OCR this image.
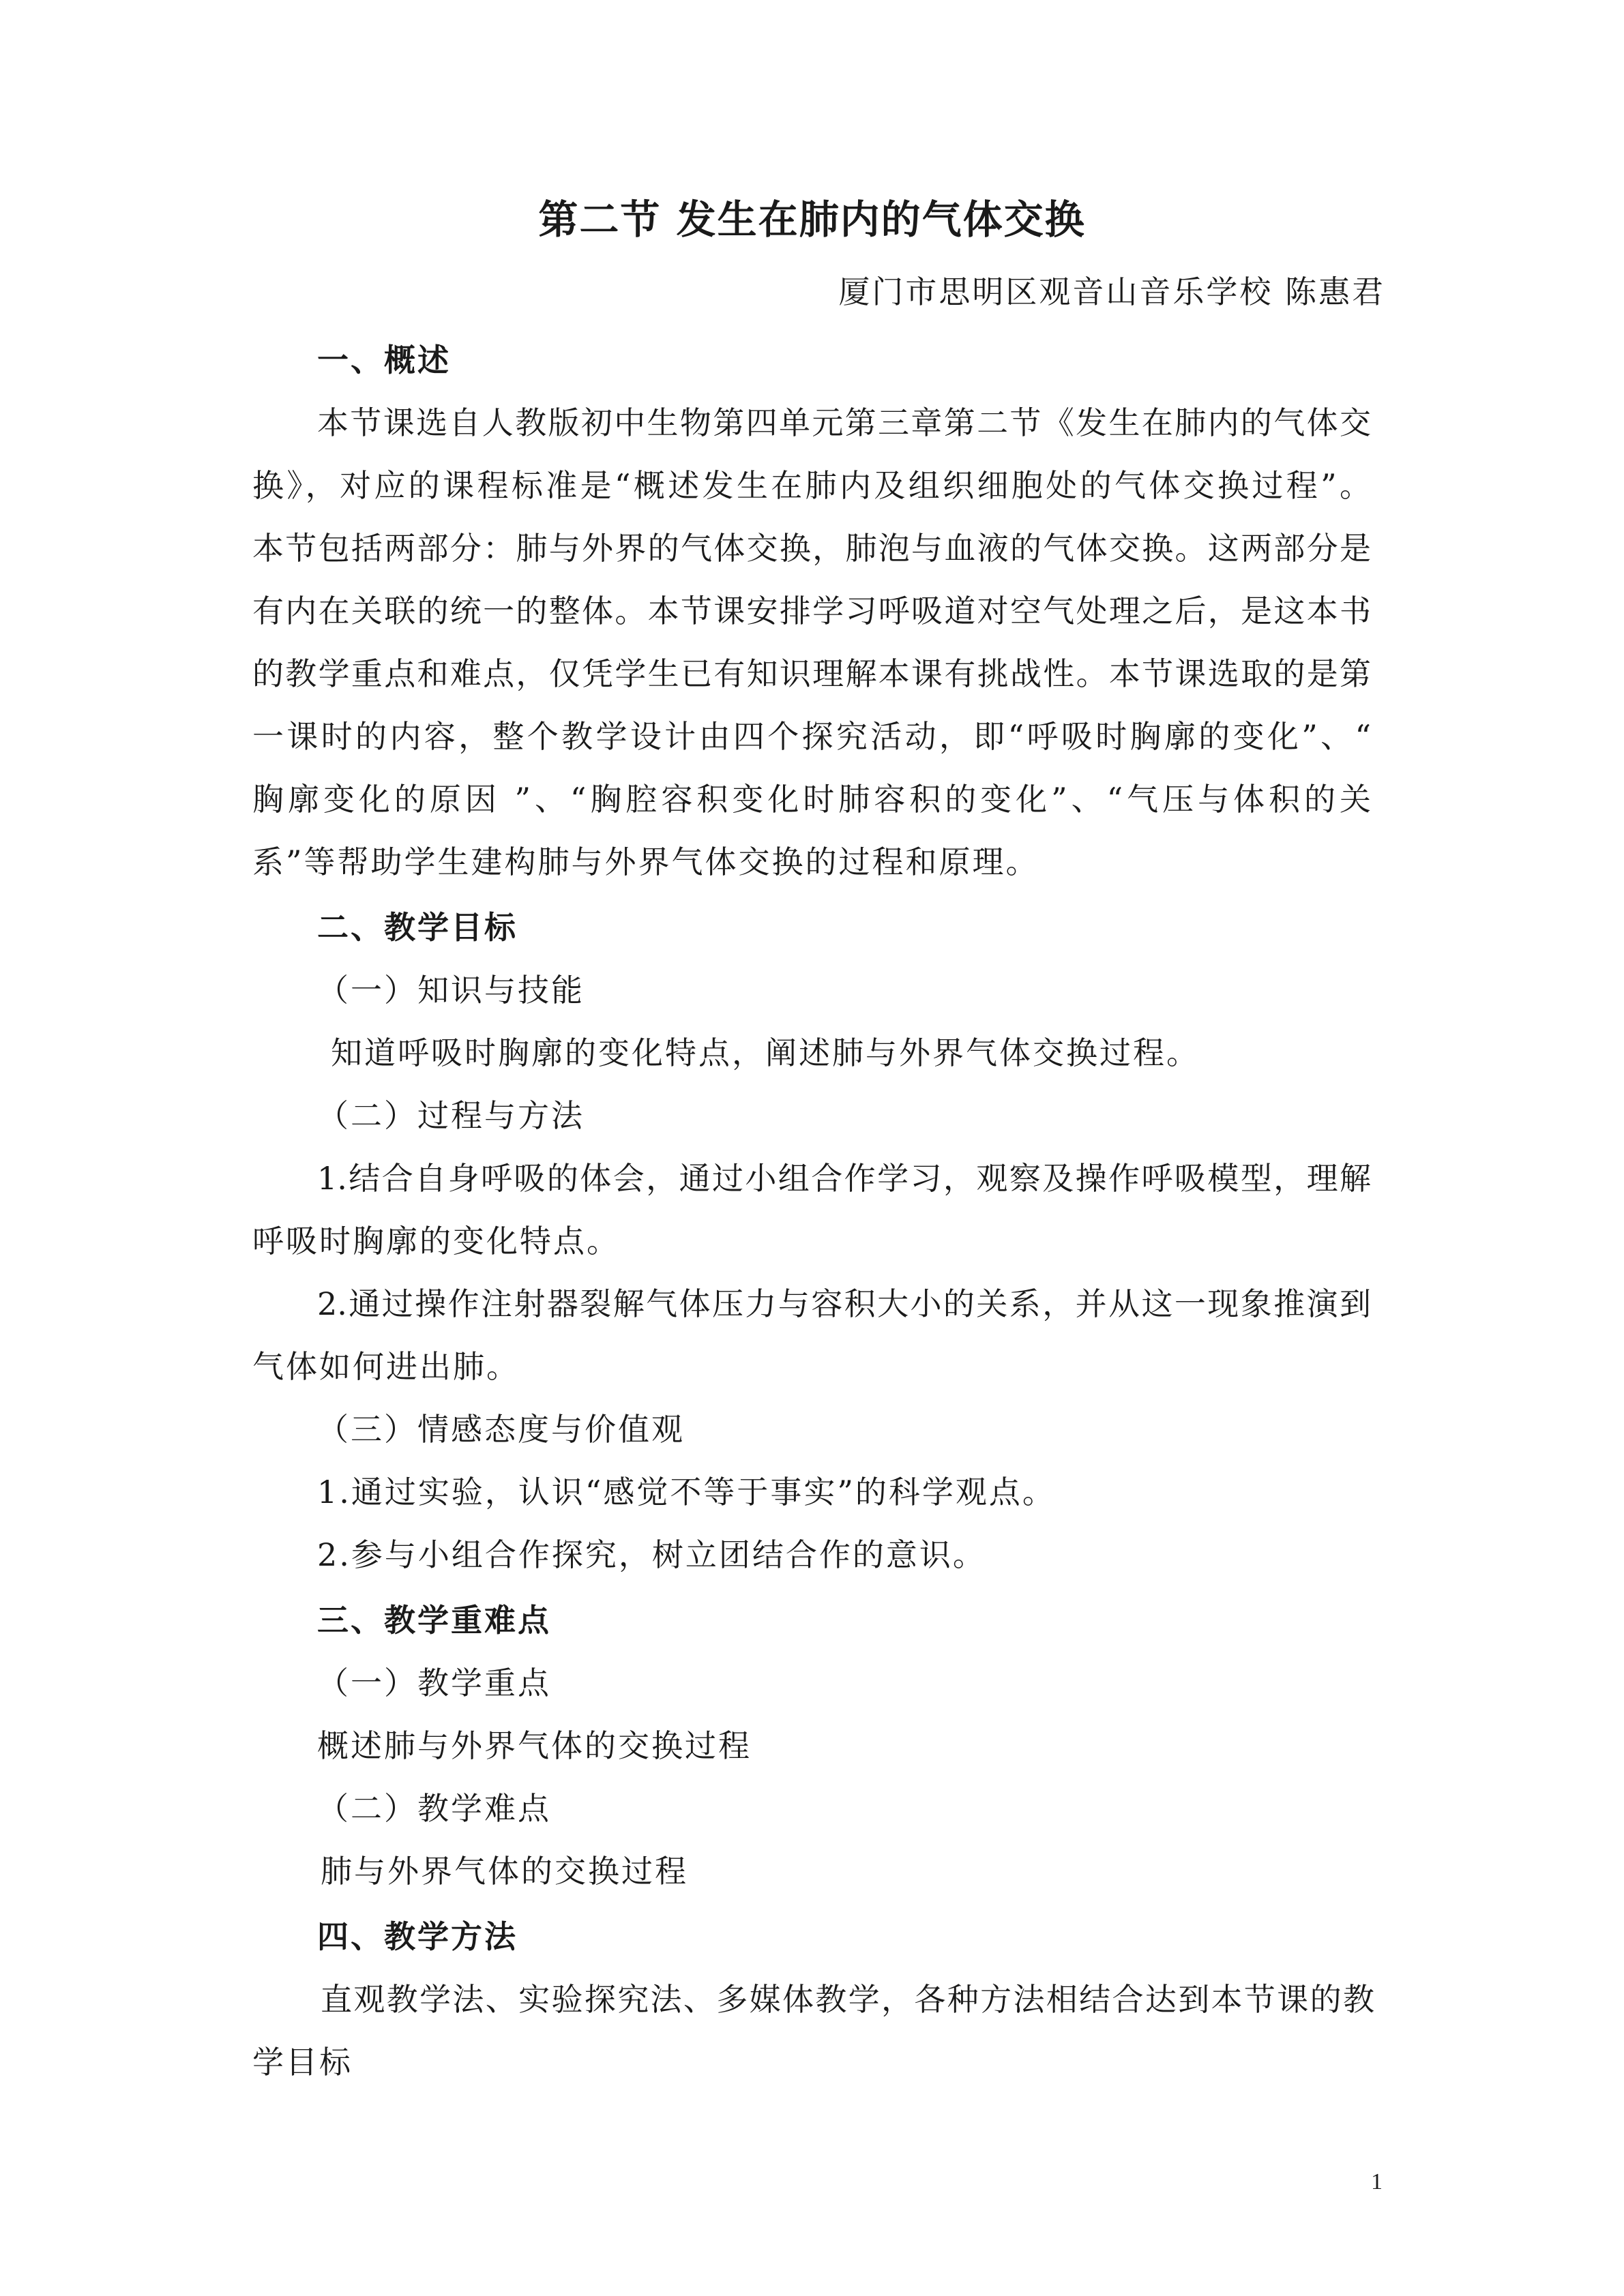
第二节 发生在肺内的气体交换
厦门市思明区观音山音乐学校 陈惠君
一、概述
本节课选自人教版初中生物第四单元第三章第二节《发生在肺内的气体交
换》，对应的课程标准是“概述发生在肺内及组织细胞处的气体交换过程”。
本节包括两部分：肺与外界的气体交换，肺泡与血液的气体交换。这两部分是
有内在关联的统一的整体。本节课安排学习呼吸道对空气处理之后，是这本书
的教学重点和难点，仅凭学生已有知识理解本课有挑战性。本节课选取的是第
一课时的内容，整个教学设计由四个探究活动，即“呼吸时胸廓的变化”、“
胸廓变化的原因 ”、“胸腔容积变化时肺容积的变化”、“气压与体积的关
系”等帮助学生建构肺与外界气体交换的过程和原理。
二、教学目标
（一）知识与技能
知道呼吸时胸廓的变化特点，阐述肺与外界气体交换过程。
（二）过程与方法
1.结合自身呼吸的体会，通过小组合作学习，观察及操作呼吸模型，理解
呼吸时胸廓的变化特点。
2.通过操作注射器裂解气体压力与容积大小的关系，并从这一现象推演到
气体如何进出肺。
（三）情感态度与价值观
1.通过实验，认识“感觉不等于事实”的科学观点。
2.参与小组合作探究，树立团结合作的意识。
三、教学重难点
（一）教学重点
概述肺与外界气体的交换过程
（二）教学难点
肺与外界气体的交换过程
四、教学方法
直观教学法、实验探究法、多媒体教学，各种方法相结合达到本节课的教
学目标
1
